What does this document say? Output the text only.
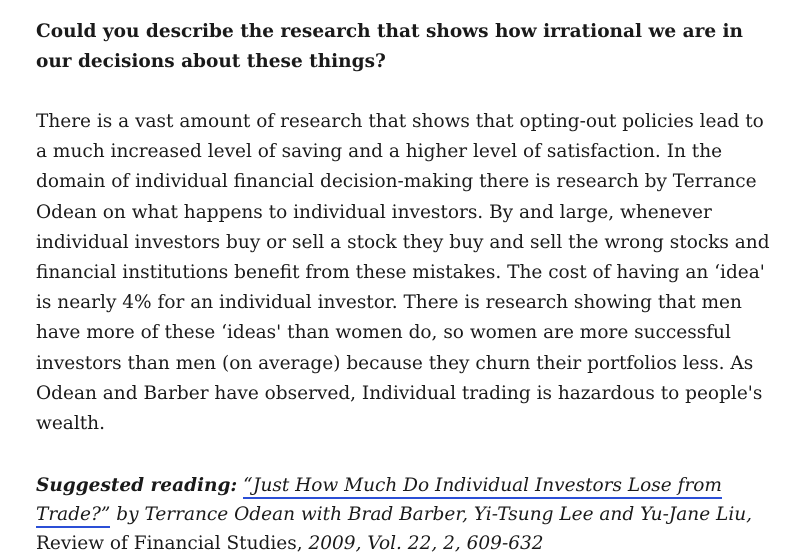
Could you describe the research that shows how irrational we are in our decisions about these things?

There is a vast amount of research that shows that opting-out policies lead to a much increased level of saving and a higher level of satisfaction. In the domain of individual financial decision-making there is research by Terrance Odean on what happens to individual investors. By and large, whenever individual investors buy or sell a stock they buy and sell the wrong stocks and financial institutions benefit from these mistakes. The cost of having an ‘idea' is nearly 4% for an individual investor. There is research showing that men have more of these ‘ideas' than women do, so women are more successful investors than men (on average) because they churn their portfolios less. As Odean and Barber have observed, Individual trading is hazardous to people's wealth.

Suggested reading: “Just How Much Do Individual Investors Lose from Trade?” by Terrance Odean with Brad Barber, Yi-Tsung Lee and Yu-Jane Liu, Review of Financial Studies, 2009, Vol. 22, 2, 609-632
